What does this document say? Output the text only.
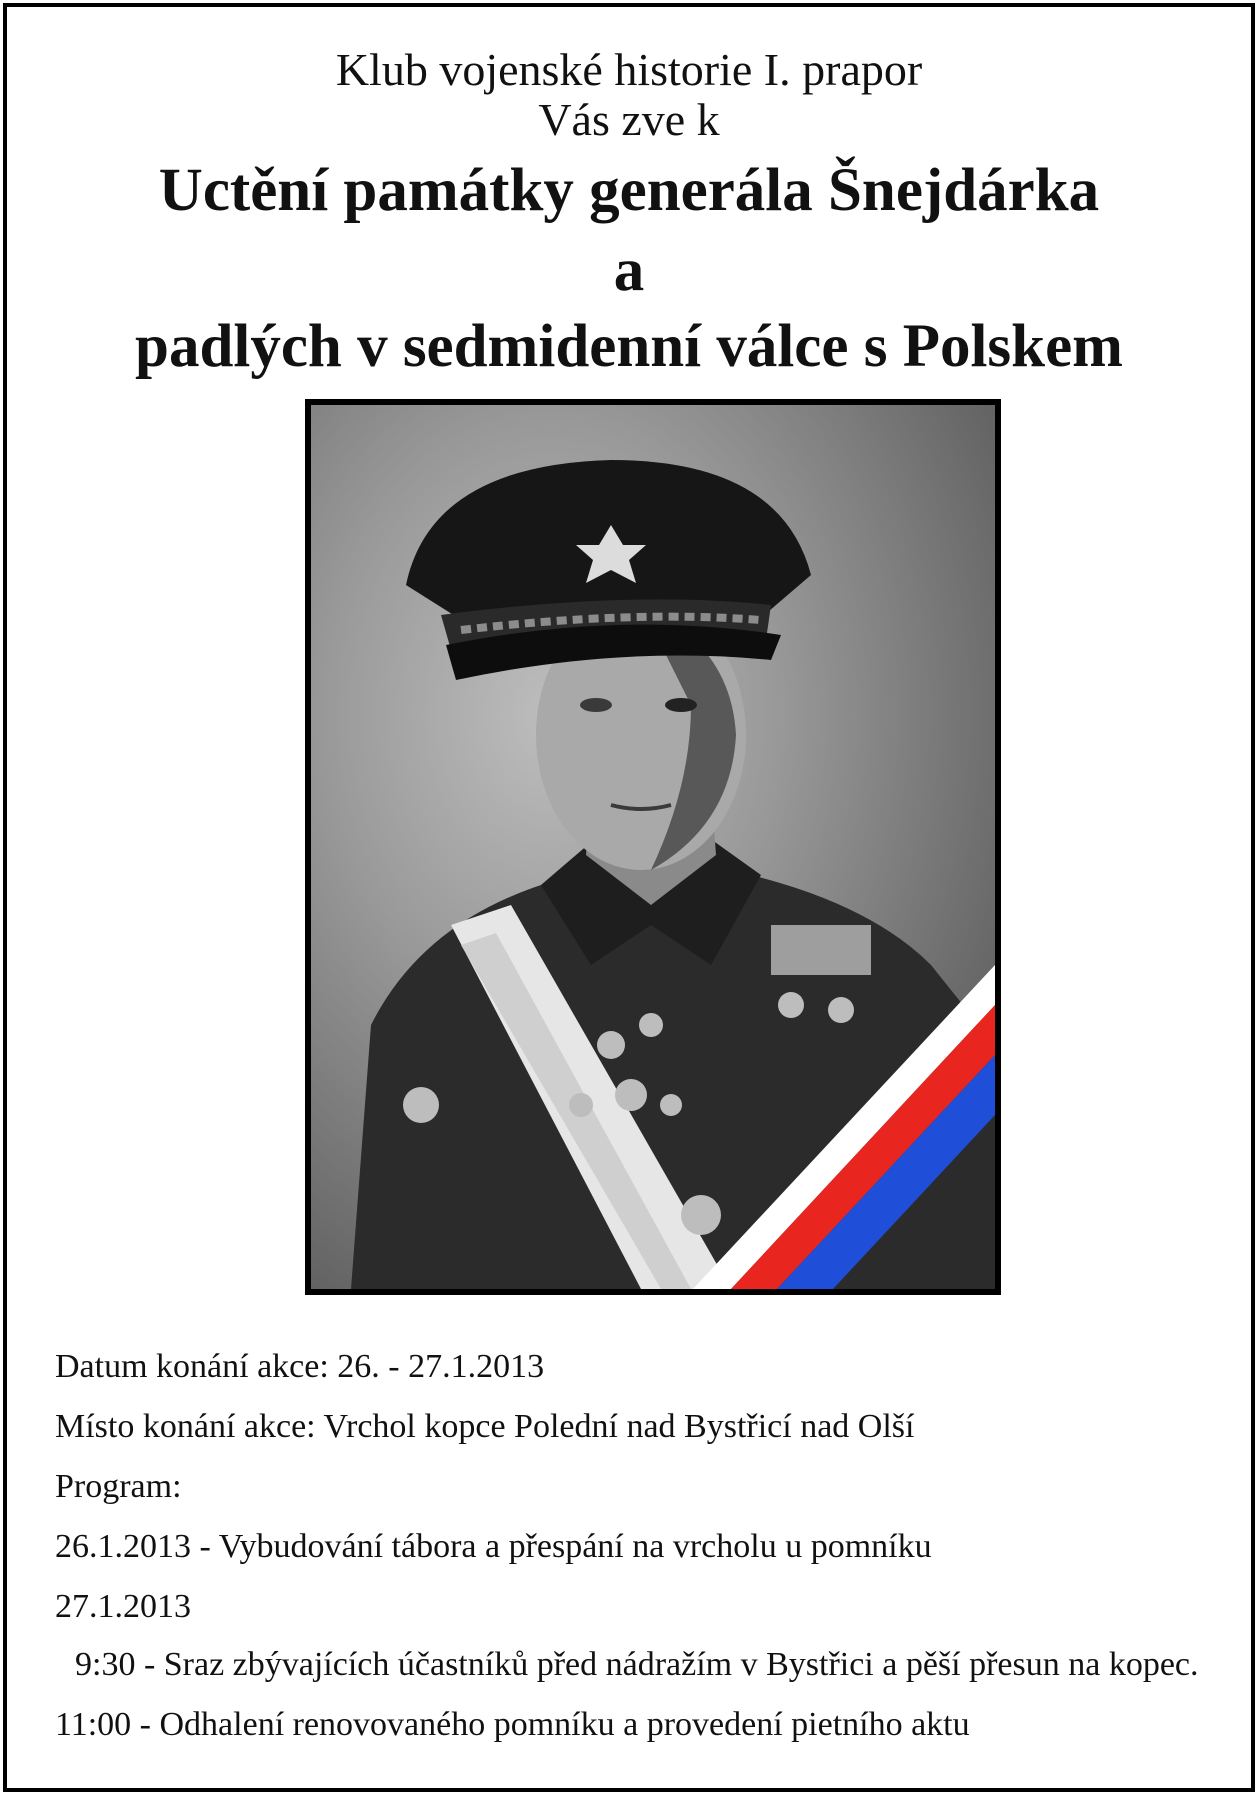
Klub vojenské historie I. prapor
Vás zve k
Uctění památky generála Šnejdárka
a
padlých v sedmidenní válce s Polskem
Datum konání akce: 26. - 27.1.2013
Místo konání akce: Vrchol kopce Polední nad Bystřicí nad Olší
Program:
26.1.2013 - Vybudování tábora a přespání na vrcholu u pomníku
27.1.2013
9:30 - Sraz zbývajících účastníků před nádražím v Bystřici a pěší přesun na kopec.
11:00 - Odhalení renovovaného pomníku a provedení pietního aktu
